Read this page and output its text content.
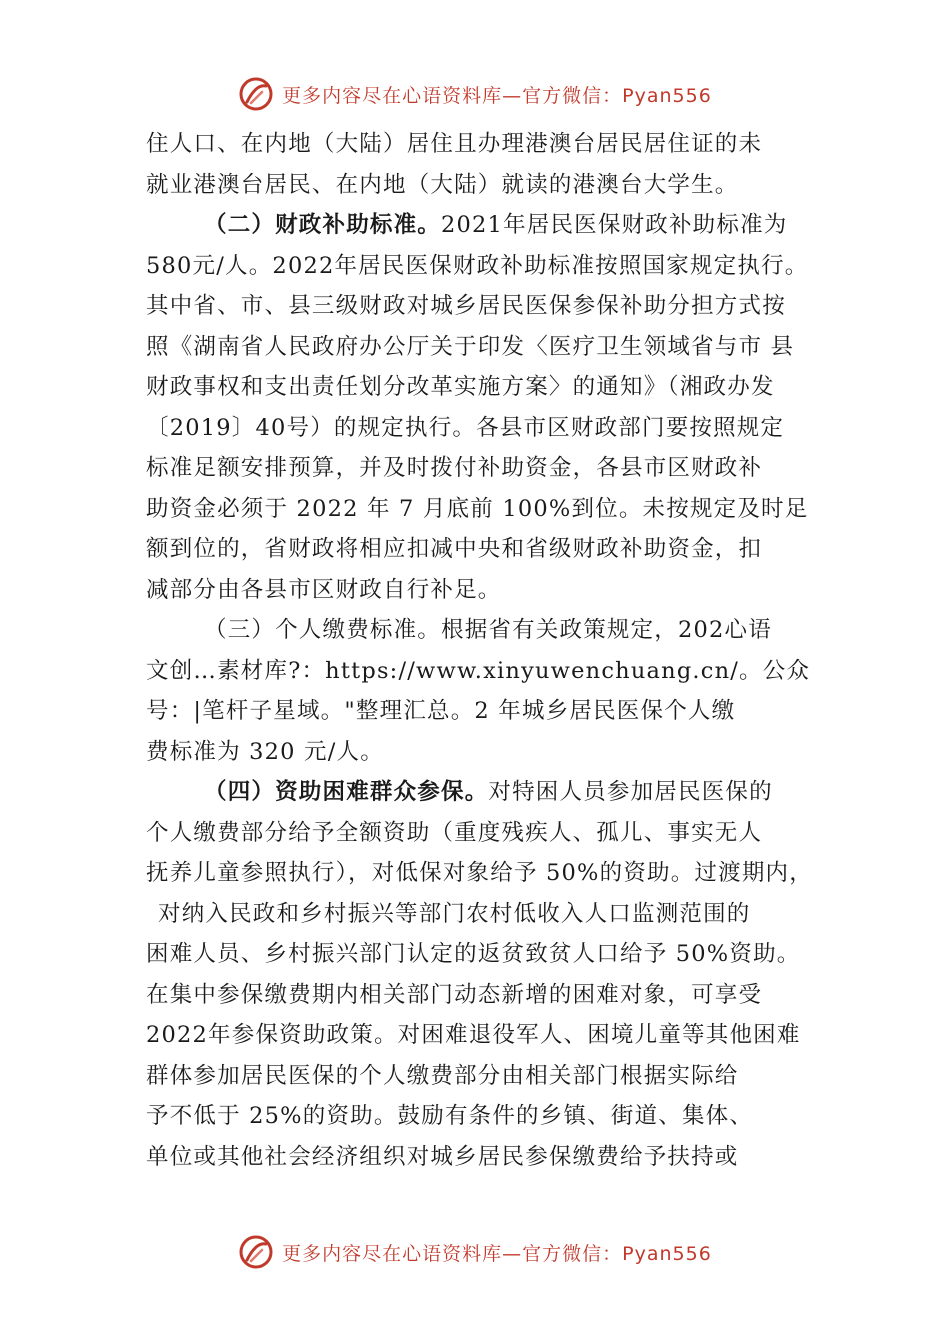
更多内容尽在心语资料库—官方微信：Pyan556
住人口、在内地（大陆）居住且办理港澳台居民居住证的未
就业港澳台居民、在内地（大陆）就读的港澳台大学生。
（二）财政补助标准。2021年居民医保财政补助标准为
580元/人。2022年居民医保财政补助标准按照国家规定执行。
其中省、市、县三级财政对城乡居民医保参保补助分担方式按
照《湖南省人民政府办公厅关于印发〈医疗卫生领域省与市 县
财政事权和支出责任划分改革实施方案〉的通知》（湘政办发
〔2019〕40号）的规定执行。各县市区财政部门要按照规定
标准足额安排预算，并及时拨付补助资金，各县市区财政补
助资金必须于 2022 年 7 月底前 100%到位。未按规定及时足
额到位的，省财政将相应扣减中央和省级财政补助资金，扣
减部分由各县市区财政自行补足。
（三）个人缴费标准。根据省有关政策规定，202心语
文创…素材库?：https://www.xinyuwenchuang.cn/。公众
号：|笔杆子星域。"整理汇总。2 年城乡居民医保个人缴
费标准为 320 元/人。
（四）资助困难群众参保。对特困人员参加居民医保的
个人缴费部分给予全额资助（重度残疾人、孤儿、事实无人
抚养儿童参照执行），对低保对象给予 50%的资助。过渡期内，
对纳入民政和乡村振兴等部门农村低收入人口监测范围的
困难人员、乡村振兴部门认定的返贫致贫人口给予 50%资助。
在集中参保缴费期内相关部门动态新增的困难对象，可享受
2022年参保资助政策。对困难退役军人、困境儿童等其他困难
群体参加居民医保的个人缴费部分由相关部门根据实际给
予不低于 25%的资助。鼓励有条件的乡镇、街道、集体、
单位或其他社会经济组织对城乡居民参保缴费给予扶持或
更多内容尽在心语资料库—官方微信：Pyan556
